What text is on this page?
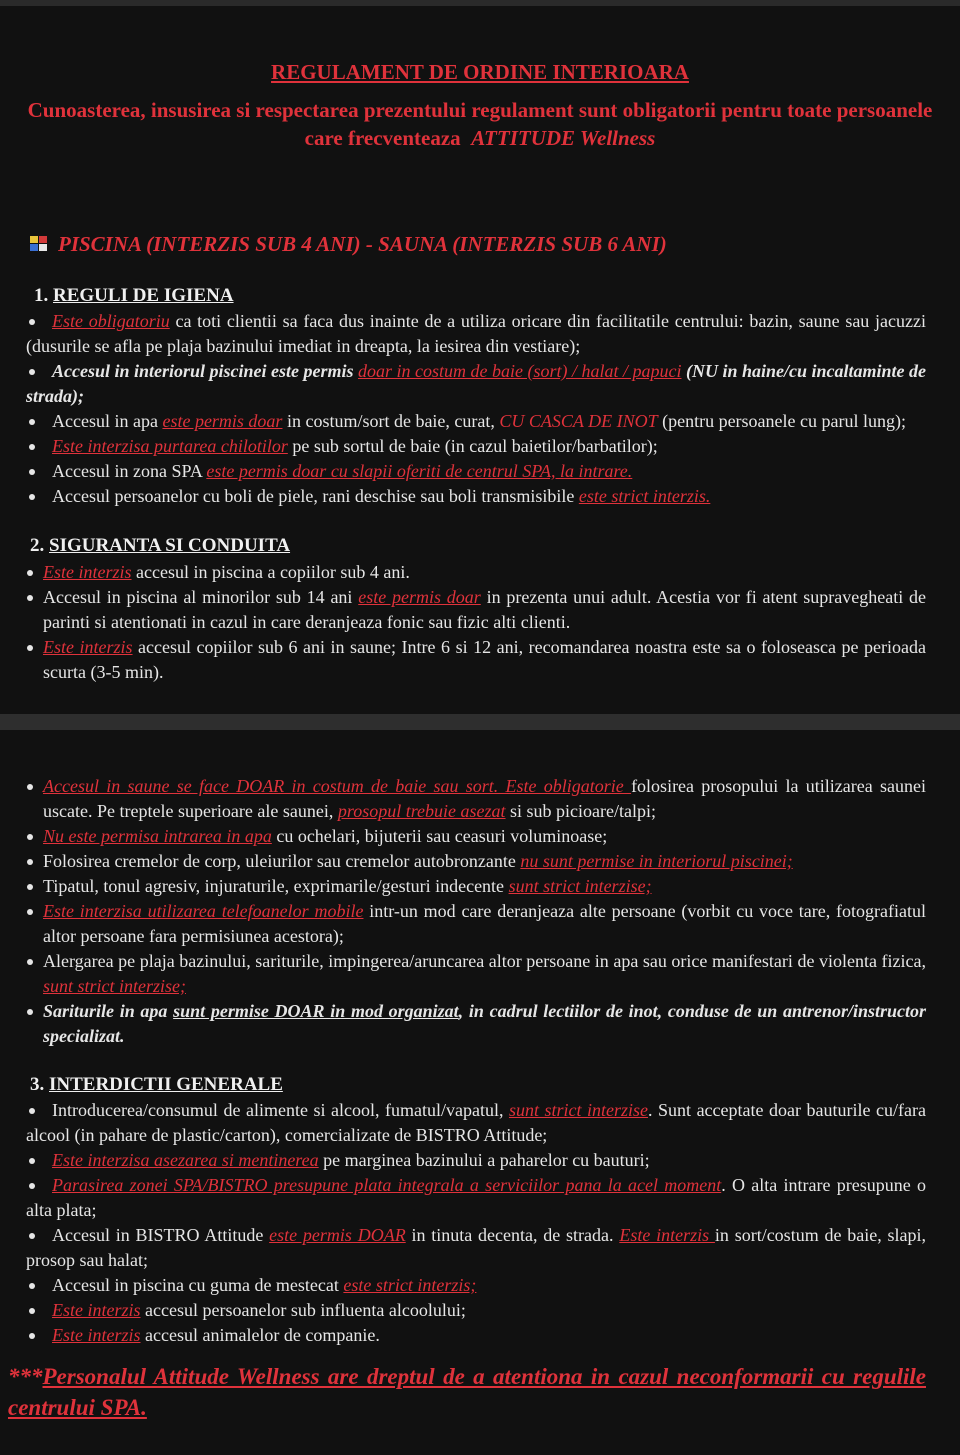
REGULAMENT DE ORDINE INTERIOARA
Cunoasterea, insusirea si respectarea prezentului regulament sunt obligatorii pentru toate persoanele care frecventeaza ATTITUDE Wellness
PISCINA (INTERZIS SUB 4 ANI) - SAUNA (INTERZIS SUB 6 ANI)
1. REGULI DE IGIENA
Este obligatoriu ca toti clientii sa faca dus inainte de a utiliza oricare din facilitatile centrului: bazin, saune sau jacuzzi (dusurile se afla pe plaja bazinului imediat in dreapta, la iesirea din vestiare);
Accesul in interiorul piscinei este permis doar in costum de baie (sort) / halat / papuci (NU in haine/cu incaltaminte de strada);
Accesul in apa este permis doar in costum/sort de baie, curat, CU CASCA DE INOT (pentru persoanele cu parul lung);
Este interzisa purtarea chilotilor pe sub sortul de baie (in cazul baietilor/barbatilor);
Accesul in zona SPA este permis doar cu slapii oferiti de centrul SPA, la intrare.
Accesul persoanelor cu boli de piele, rani deschise sau boli transmisibile este strict interzis.
2. SIGURANTA SI CONDUITA
Este interzis accesul in piscina a copiilor sub 4 ani.
Accesul in piscina al minorilor sub 14 ani este permis doar in prezenta unui adult. Acestia vor fi atent supravegheati de parinti si atentionati in cazul in care deranjeaza fonic sau fizic alti clienti.
Este interzis accesul copiilor sub 6 ani in saune; Intre 6 si 12 ani, recomandarea noastra este sa o foloseasca pe perioada scurta (3-5 min).
Accesul in saune se face DOAR in costum de baie sau sort. Este obligatorie folosirea prosopului la utilizarea saunei uscate. Pe treptele superioare ale saunei, prosopul trebuie asezat si sub picioare/talpi;
Nu este permisa intrarea in apa cu ochelari, bijuterii sau ceasuri voluminoase;
Folosirea cremelor de corp, uleiurilor sau cremelor autobronzante nu sunt permise in interiorul piscinei;
Tipatul, tonul agresiv, injuraturile, exprimarile/gesturi indecente sunt strict interzise;
Este interzisa utilizarea telefoanelor mobile intr-un mod care deranjeaza alte persoane (vorbit cu voce tare, fotografiatul altor persoane fara permisiunea acestora);
Alergarea pe plaja bazinului, sariturile, impingerea/aruncarea altor persoane in apa sau orice manifestari de violenta fizica, sunt strict interzise;
Sariturile in apa sunt permise DOAR in mod organizat, in cadrul lectiilor de inot, conduse de un antrenor/instructor specializat.
3. INTERDICTII GENERALE
Introducerea/consumul de alimente si alcool, fumatul/vapatul, sunt strict interzise. Sunt acceptate doar bauturile cu/fara alcool (in pahare de plastic/carton), comercializate de BISTRO Attitude;
Este interzisa asezarea si mentinerea pe marginea bazinului a paharelor cu bauturi;
Parasirea zonei SPA/BISTRO presupune plata integrala a serviciilor pana la acel moment. O alta intrare presupune o alta plata;
Accesul in BISTRO Attitude este permis DOAR in tinuta decenta, de strada. Este interzis in sort/costum de baie, slapi, prosop sau halat;
Accesul in piscina cu guma de mestecat este strict interzis;
Este interzis accesul persoanelor sub influenta alcoolului;
Este interzis accesul animalelor de companie.
***Personalul Attitude Wellness are dreptul de a atentiona in cazul neconformarii cu regulile centrului SPA.
